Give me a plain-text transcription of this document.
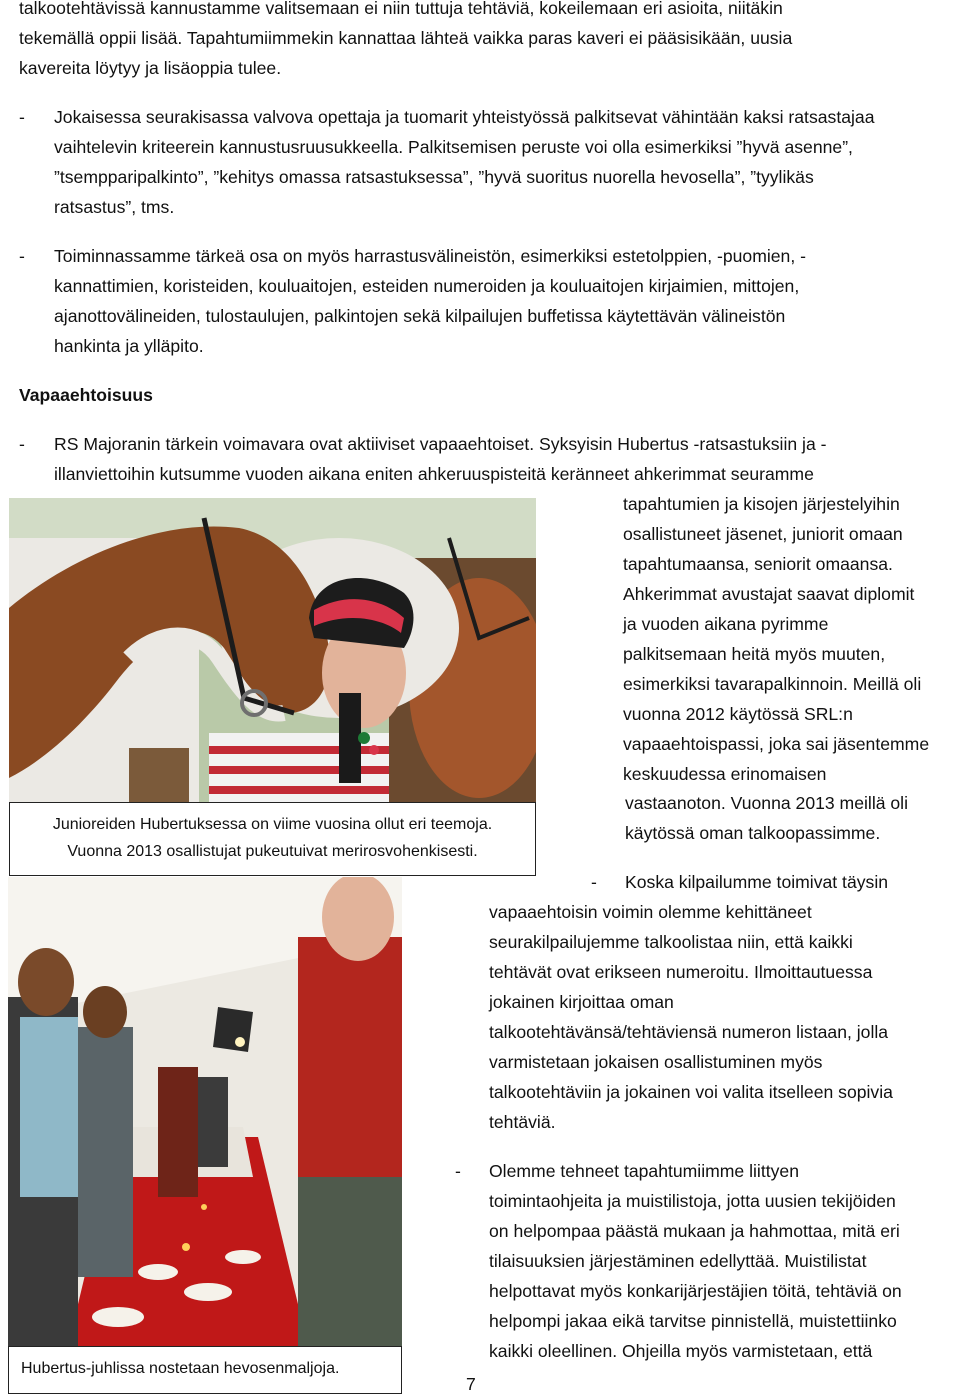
talkootehtävissä kannustamme valitsemaan ei niin tuttuja tehtäviä, kokeilemaan eri asioita, niitäkin
tekemällä oppii lisää. Tapahtumiimmekin kannattaa lähteä vaikka paras kaveri ei pääsisikään, uusia
kavereita löytyy ja lisäoppia tulee.
- Jokaisessa seurakisassa valvova opettaja ja tuomarit yhteistyössä palkitsevat vähintään kaksi ratsastajaa
vaihtelevin kriteerein kannustusruusukkeella. Palkitsemisen peruste voi olla esimerkiksi ”hyvä asenne”,
”tsempparipalkinto”, ”kehitys omassa ratsastuksessa”, ”hyvä suoritus nuorella hevosella”, ”tyylikäs
ratsastus”, tms.
- Toiminnassamme tärkeä osa on myös harrastusvälineistön, esimerkiksi estetolppien, -puomien, -
kannattimien, koristeiden, kouluaitojen, esteiden numeroiden ja kouluaitojen kirjaimien, mittojen,
ajanottovälineiden, tulostaulujen, palkintojen sekä kilpailujen buffetissa käytettävän välineistön
hankinta ja ylläpito.
Vapaaehtoisuus
- RS Majoranin tärkein voimavara ovat aktiiviset vapaaehtoiset. Syksyisin Hubertus -ratsastuksiin ja -
illanviettoihin kutsumme vuoden aikana eniten ahkeruuspisteitä keränneet ahkerimmat seuramme
tapahtumien ja kisojen järjestelyihin
osallistuneet jäsenet, juniorit omaan
tapahtumaansa, seniorit omaansa.
Ahkerimmat avustajat saavat diplomit
ja vuoden aikana pyrimme
palkitsemaan heitä myös muuten,
esimerkiksi tavarapalkinnoin. Meillä oli
vuonna 2012 käytössä SRL:n
vapaaehtoispassi, joka sai jäsentemme
keskuudessa erinomaisen
vastaanoton. Vuonna 2013 meillä oli
käytössä oman talkoopassimme.
- Koska kilpailumme toimivat täysin
vapaaehtoisin voimin olemme kehittäneet
seurakilpailujemme talkoolistaa niin, että kaikki
tehtävät ovat erikseen numeroitu. Ilmoittautuessa
jokainen kirjoittaa oman
talkootehtävänsä/tehtäviensä numeron listaan, jolla
varmistetaan jokaisen osallistuminen myös
talkootehtäviin ja jokainen voi valita itselleen sopivia
tehtäviä.
- Olemme tehneet tapahtumiimme liittyen
toimintaohjeita ja muistilistoja, jotta uusien tekijöiden
on helpompaa päästä mukaan ja hahmottaa, mitä eri
tilaisuuksien järjestäminen edellyttää. Muistilistat
helpottavat myös konkarijärjestäjien töitä, tehtäviä on
helpompi jakaa eikä tarvitse pinnistellä, muistettiinko
kaikki oleellinen. Ohjeilla myös varmistetaan, että
Junioreiden Hubertuksessa on viime vuosina ollut eri teemoja.
Vuonna 2013 osallistujat pukeutuivat merirosvohenkisesti.
Hubertus-juhlissa nostetaan hevosenmaljoja.
7
